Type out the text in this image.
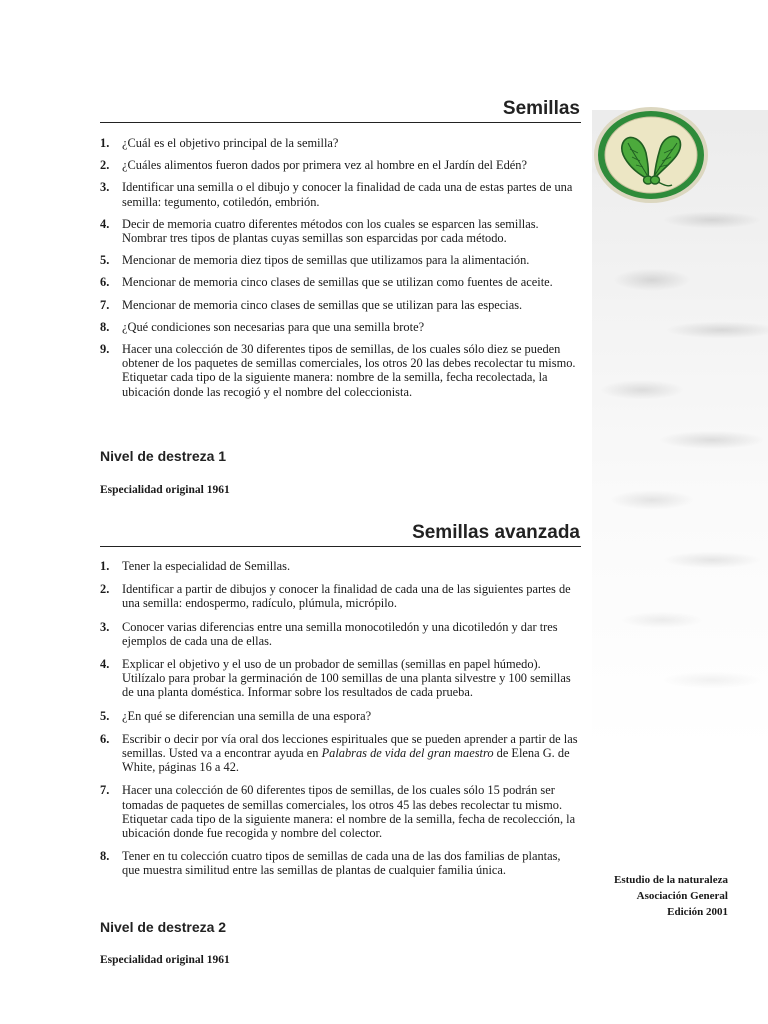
Semillas
1. ¿Cuál es el objetivo principal de la semilla?
2. ¿Cuáles alimentos fueron dados por primera vez al hombre en el Jardín del Edén?
3. Identificar una semilla o el dibujo y conocer la finalidad de cada una de estas partes de una semilla: tegumento, cotiledón, embrión.
4. Decir de memoria cuatro diferentes métodos con los cuales se esparcen las semillas. Nombrar tres tipos de plantas cuyas semillas son esparcidas por cada método.
5. Mencionar de memoria diez tipos de semillas que utilizamos para la alimentación.
6. Mencionar de memoria cinco clases de semillas que se utilizan como fuentes de aceite.
7. Mencionar de memoria cinco clases de semillas que se utilizan para las especias.
8. ¿Qué condiciones son necesarias para que una semilla brote?
9. Hacer una colección de 30 diferentes tipos de semillas, de los cuales sólo diez se pueden obtener de los paquetes de semillas comerciales, los otros 20 las debes recolectar tu mismo. Etiquetar cada tipo de la siguiente manera: nombre de la semilla, fecha recolectada, la ubicación donde las recogió y el nombre del coleccionista.
Nivel de destreza 1

Especialidad original 1961

Semillas avanzada
1. Tener la especialidad de Semillas.
2. Identificar a partir de dibujos y conocer la finalidad de cada una de las siguientes partes de una semilla: endospermo, radículo, plúmula, micrópilo.
3. Conocer varias diferencias entre una semilla monocotiledón y una dicotiledón y dar tres ejemplos de cada una de ellas.
4. Explicar el objetivo y el uso de un probador de semillas (semillas en papel húmedo). Utilízalo para probar la germinación de 100 semillas de una planta silvestre y 100 semillas de una planta doméstica. Informar sobre los resultados de cada prueba.
5. ¿En qué se diferencian una semilla de una espora?
6. Escribir o decir por vía oral dos lecciones espirituales que se pueden aprender a partir de las semillas. Usted va a encontrar ayuda en Palabras de vida del gran maestro de Elena G. de White, páginas 16 a 42.
7. Hacer una colección de 60 diferentes tipos de semillas, de los cuales sólo 15 podrán ser tomadas de paquetes de semillas comerciales, los otros 45 las debes recolectar tu mismo. Etiquetar cada tipo de la siguiente manera: el nombre de la semilla, fecha de recolección, la ubicación donde fue recogida y nombre del colector.
8. Tener en tu colección cuatro tipos de semillas de cada una de las dos familias de plantas, que muestra similitud entre las semillas de plantas de cualquier familia única.
Nivel de destreza 2

Especialidad original 1961

Estudio de la naturaleza
Asociación General
Edición 2001
